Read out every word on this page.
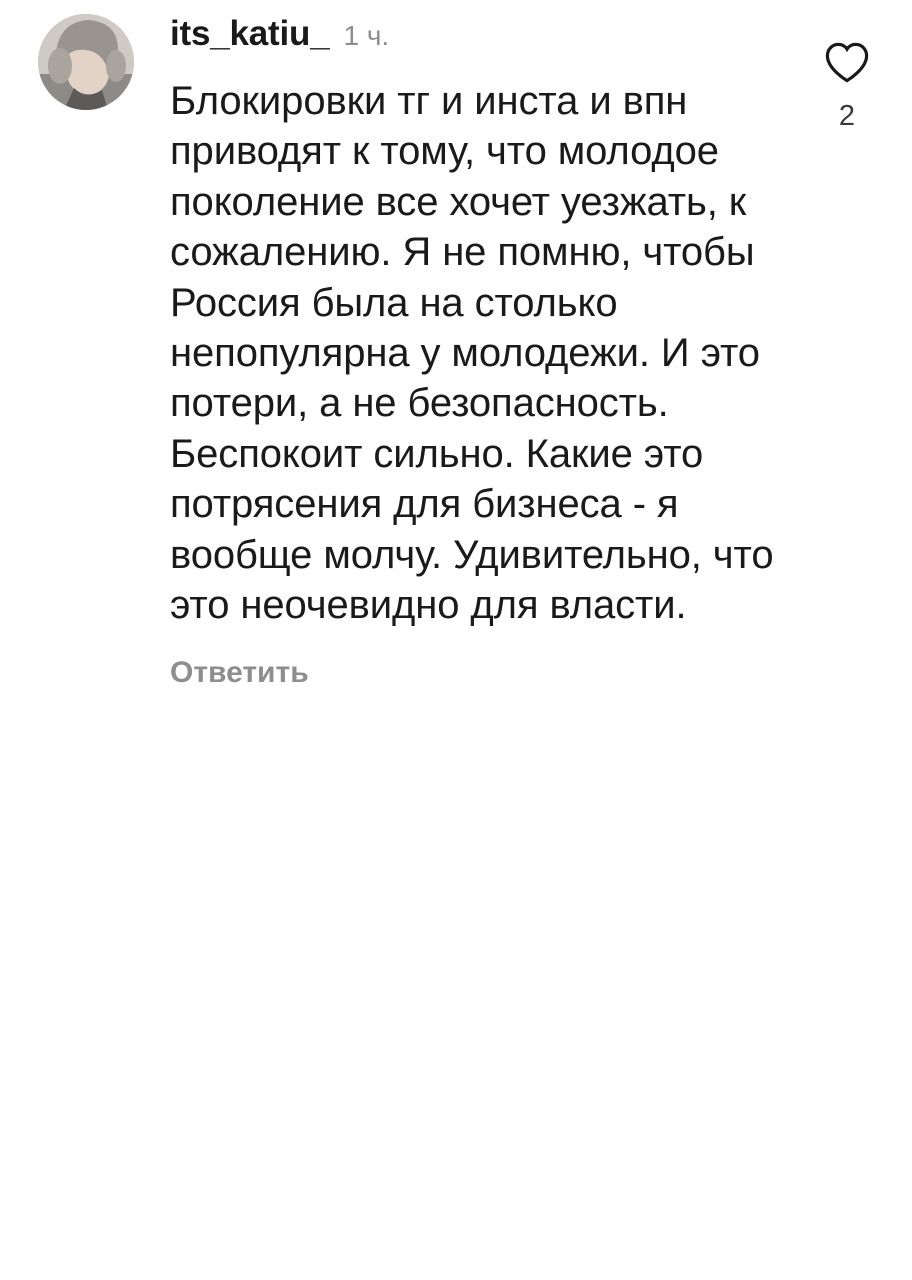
its_katiu_ 1 ч.
Блокировки тг и инста и впн приводят к тому, что молодое поколение все хочет уезжать, к сожалению. Я не помню, чтобы Россия была на столько непопулярна у молодежи. И это потери, а не безопасность. Беспокоит сильно. Какие это потрясения для бизнеса - я вообще молчу. Удивительно, что это неочевидно для власти.
Ответить
2
